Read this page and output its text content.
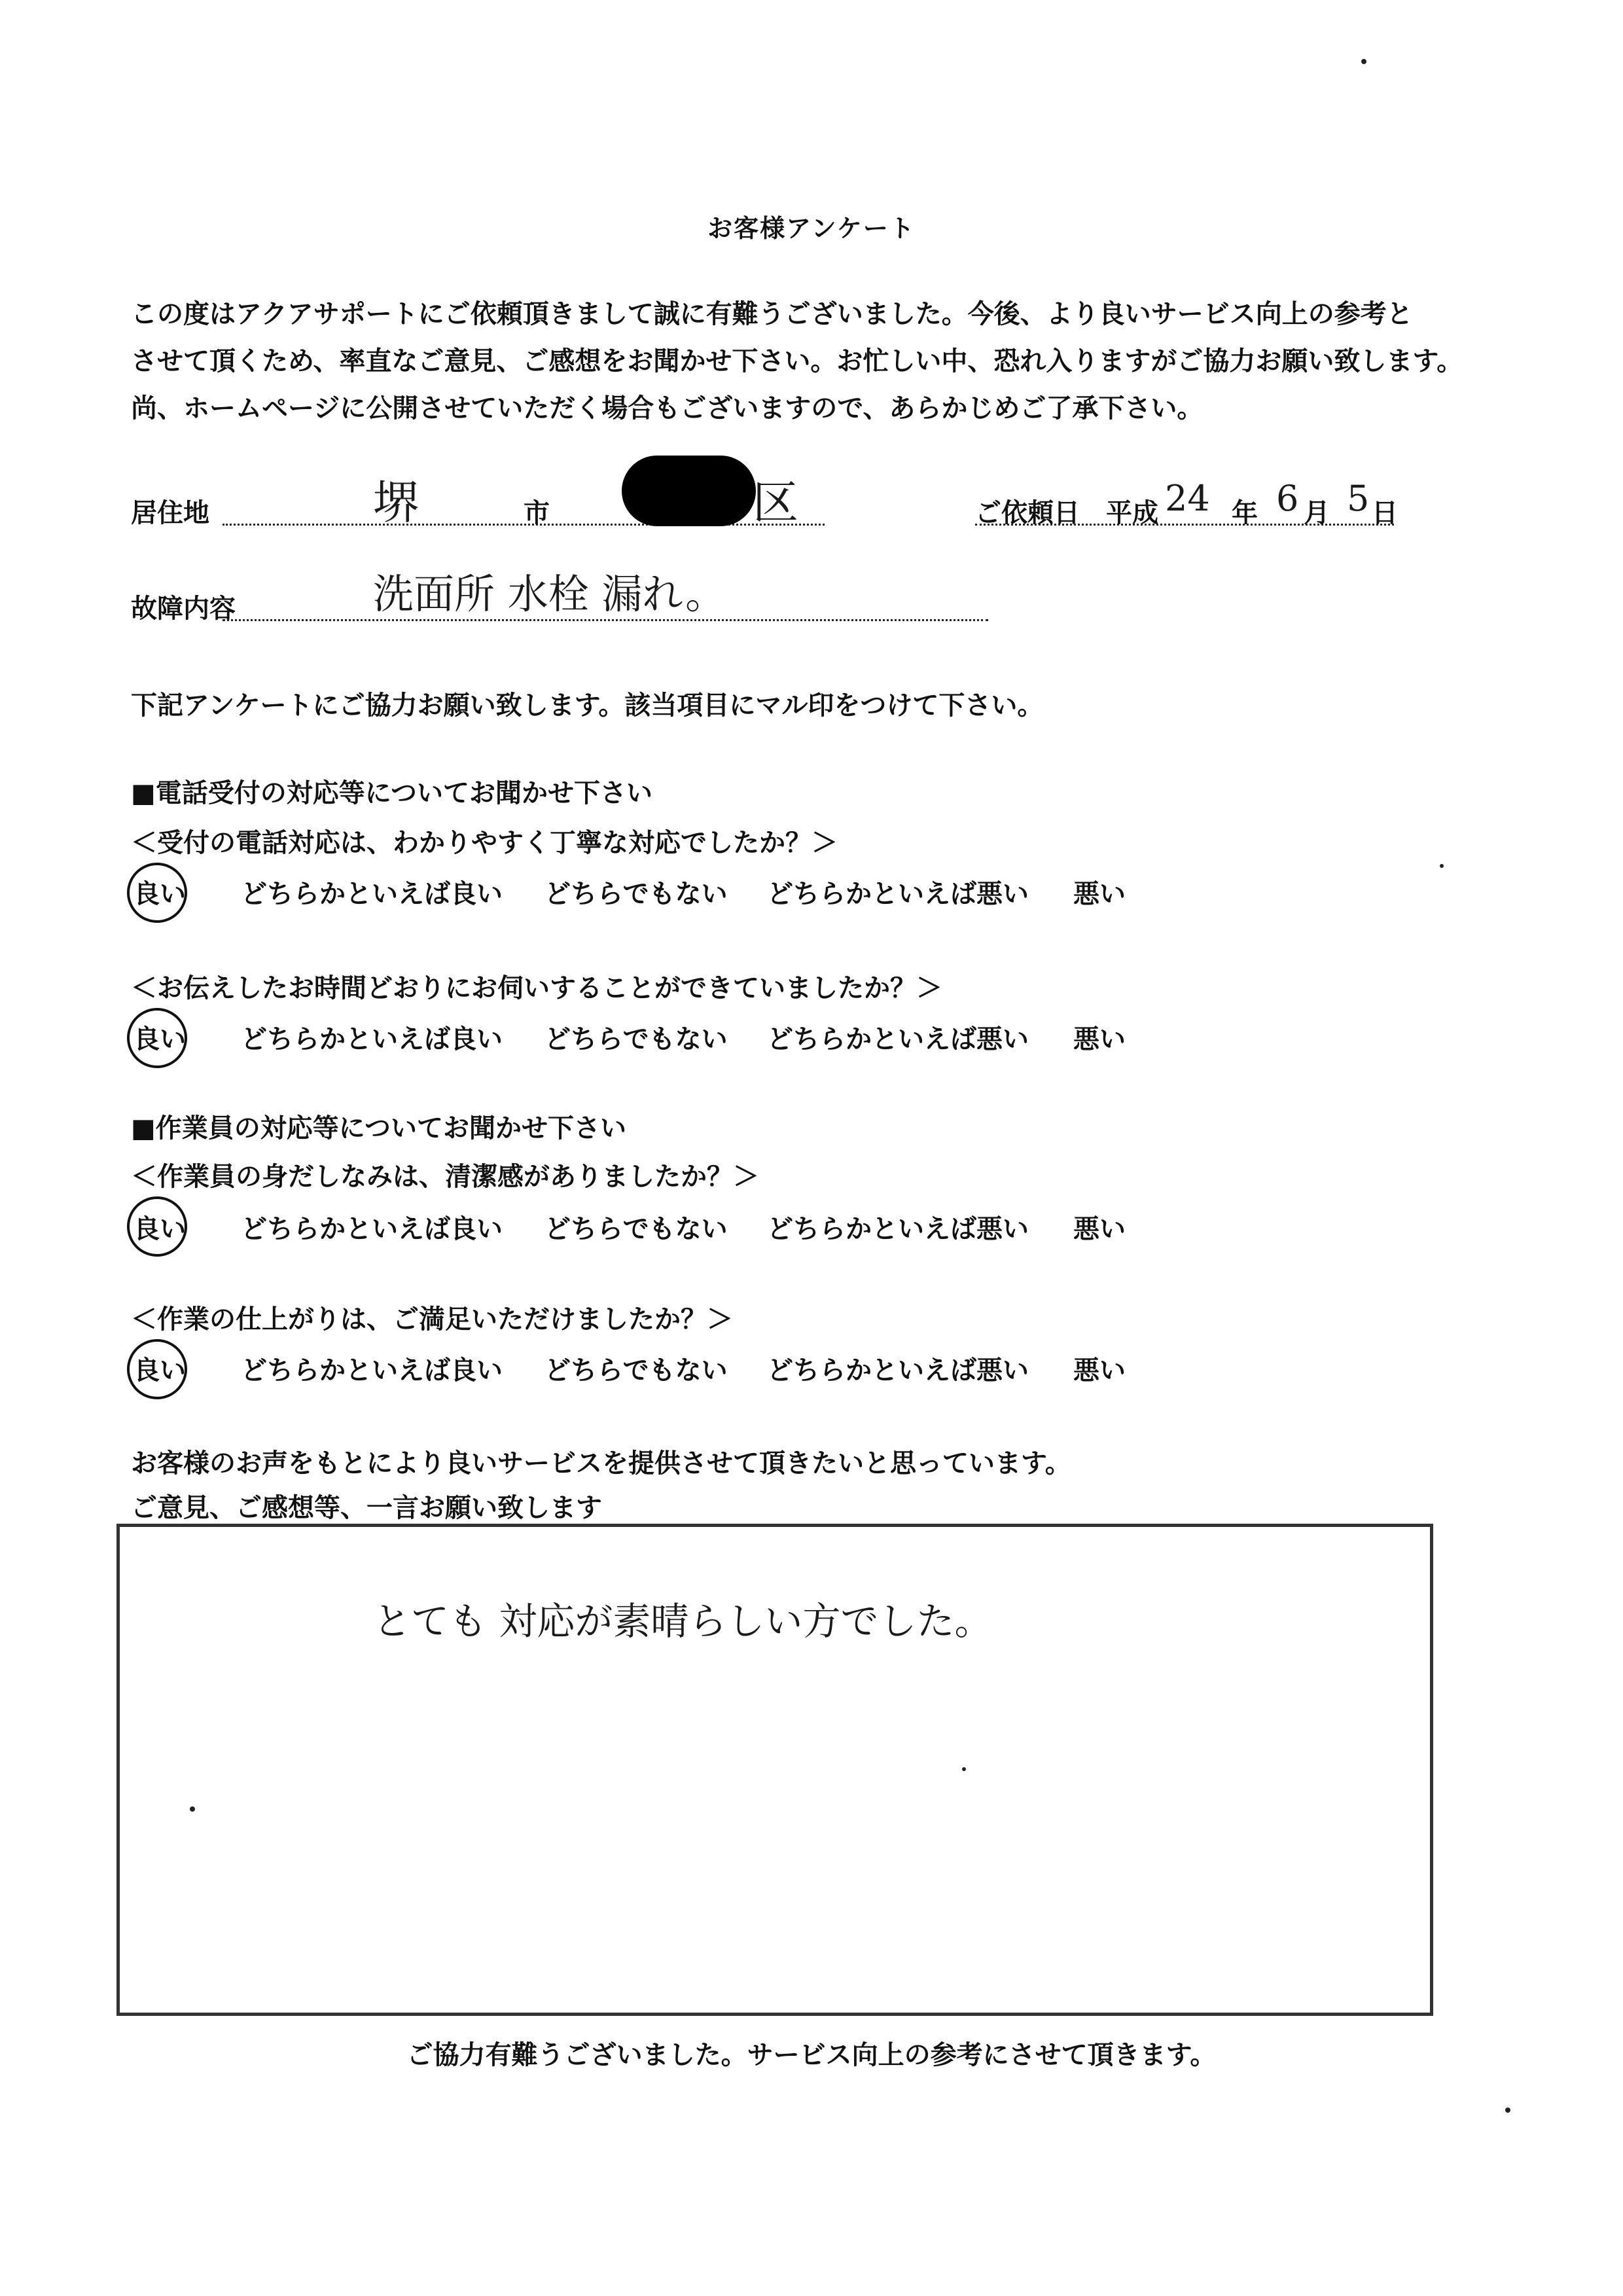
お客様アンケート
この度はアクアサポートにご依頼頂きまして誠に有難うございました。今後、より良いサービス向上の参考と
させて頂くため、率直なご意見、ご感想をお聞かせ下さい。お忙しい中、恐れ入りますがご協力お願い致します。
尚、ホームページに公開させていただく場合もございますので、あらかじめご了承下さい。
居住地	堺	市	区	ご依頼日 平成 24 年 6 月 5 日
故障内容	洗面所 水栓 漏れ。
下記アンケートにご協力お願い致します。該当項目にマル印をつけて下さい。
■電話受付の対応等についてお聞かせ下さい
＜受付の電話対応は、わかりやすく丁寧な対応でしたか？＞
良い どちらかといえば良い どちらでもない どちらかといえば悪い 悪い
＜お伝えしたお時間どおりにお伺いすることができていましたか？＞
良い どちらかといえば良い どちらでもない どちらかといえば悪い 悪い
■作業員の対応等についてお聞かせ下さい
＜作業員の身だしなみは、清潔感がありましたか？＞
良い どちらかといえば良い どちらでもない どちらかといえば悪い 悪い
＜作業の仕上がりは、ご満足いただけましたか？＞
良い どちらかといえば良い どちらでもない どちらかといえば悪い 悪い
お客様のお声をもとにより良いサービスを提供させて頂きたいと思っています。
ご意見、ご感想等、一言お願い致します
とても 対応が素晴らしい方でした。
ご協力有難うございました。サービス向上の参考にさせて頂きます。
